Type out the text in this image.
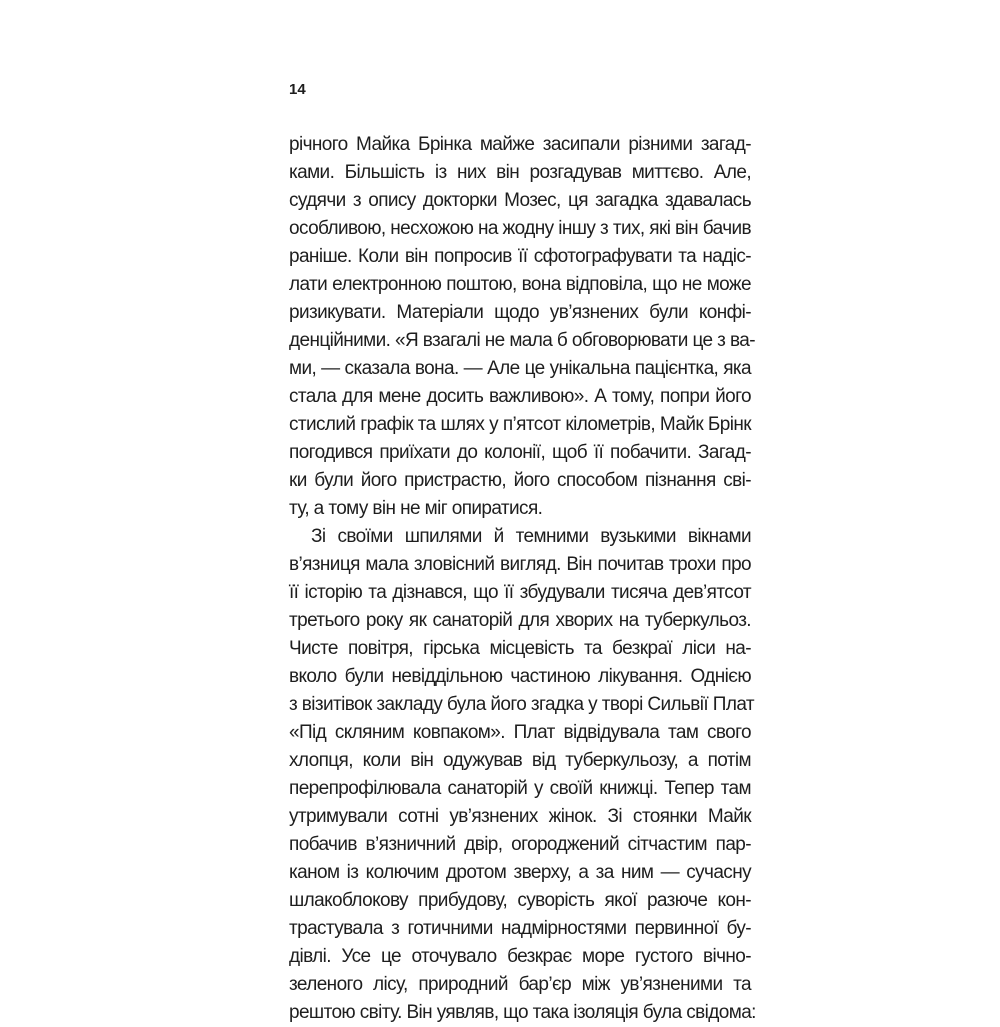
14
річного Майка Брінка майже засипали різними загад-
ками. Більшість із них він розгадував миттєво. Але,
судячи з опису докторки Мозес, ця загадка здавалась
особливою, несхожою на жодну іншу з тих, які він бачив
раніше. Коли він попросив її сфотографувати та надіс-
лати електронною поштою, вона відповіла, що не може
ризикувати. Матеріали щодо ув’язнених були конфі-
денційними. «Я взагалі не мала б обговорювати це з ва-
ми, — сказала вона. — Але це унікальна пацієнтка, яка
стала для мене досить важливою». А тому, попри його
стислий графік та шлях у п’ятсот кілометрів, Майк Брінк
погодився приїхати до колонії, щоб її побачити. Загад-
ки були його пристрастю, його способом пізнання сві-
ту, а тому він не міг опиратися.
Зі своїми шпилями й темними вузькими вікнами
в’язниця мала зловісний вигляд. Він почитав трохи про
її історію та дізнався, що її збудували тисяча дев’ятсот
третього року як санаторій для хворих на туберкульоз.
Чисте повітря, гірська місцевість та безкраї ліси на-
вколо були невіддільною частиною лікування. Однією
з візитівок закладу була його згадка у творі Сильвії Плат
«Під скляним ковпаком». Плат відвідувала там свого
хлопця, коли він одужував від туберкульозу, а потім
перепрофілювала санаторій у своїй книжці. Тепер там
утримували сотні ув’язнених жінок. Зі стоянки Майк
побачив в’язничний двір, огороджений сітчастим пар-
каном із колючим дротом зверху, а за ним — сучасну
шлакоблокову прибудову, суворість якої разюче кон-
трастувала з готичними надмірностями первинної бу-
дівлі. Усе це оточувало безкрає море густого вічно-
зеленого лісу, природний бар’єр між ув’язненими та
рештою світу. Він уявляв, що така ізоляція була свідома:
